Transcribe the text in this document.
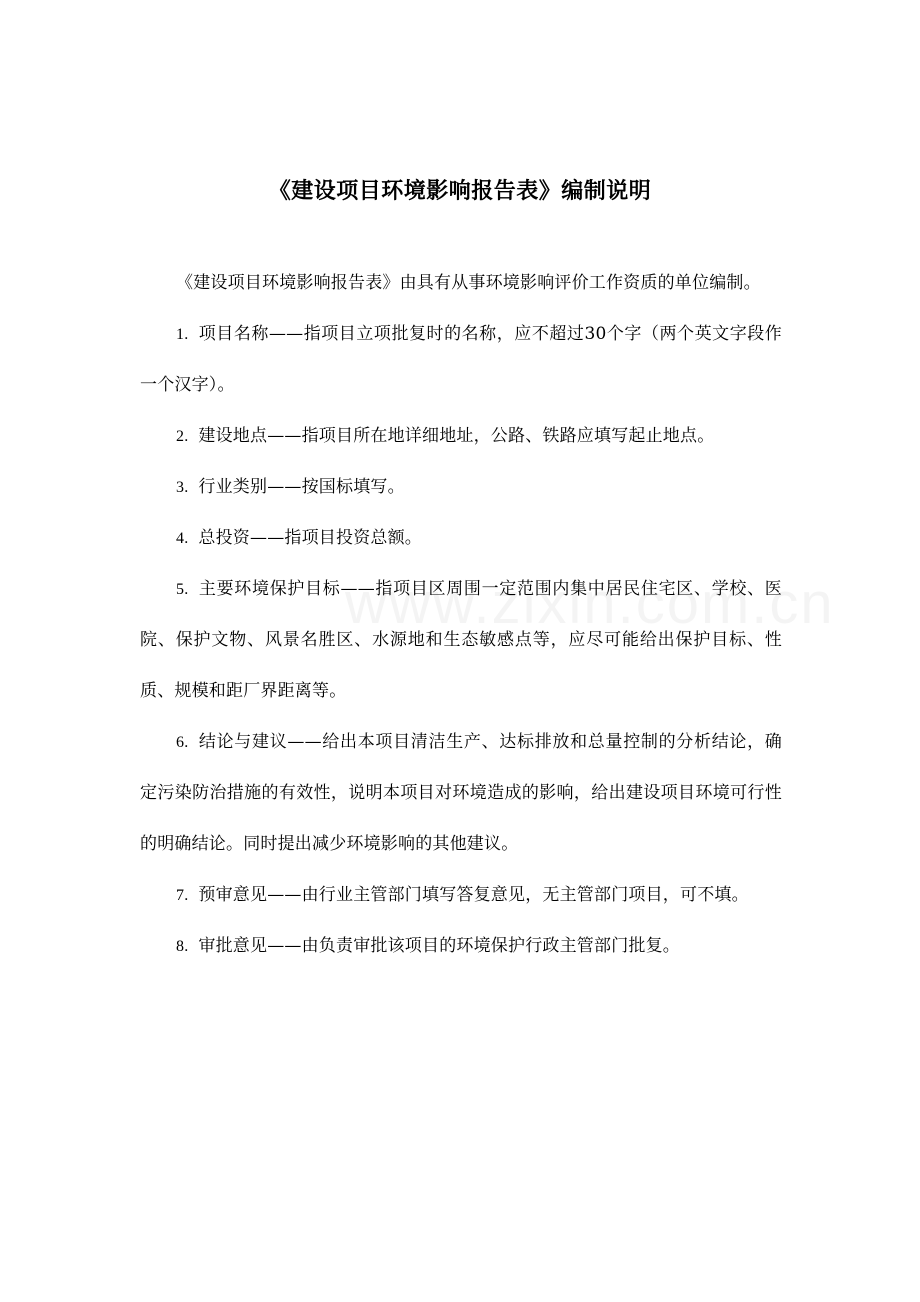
《建设项目环境影响报告表》编制说明

《建设项目环境影响报告表》由具有从事环境影响评价工作资质的单位编制。

1. 项目名称——指项目立项批复时的名称，应不超过30个字（两个英文字段作一个汉字）。

2. 建设地点——指项目所在地详细地址，公路、铁路应填写起止地点。

3. 行业类别——按国标填写。

4. 总投资——指项目投资总额。

5. 主要环境保护目标——指项目区周围一定范围内集中居民住宅区、学校、医院、保护文物、风景名胜区、水源地和生态敏感点等，应尽可能给出保护目标、性质、规模和距厂界距离等。

6. 结论与建议——给出本项目清洁生产、达标排放和总量控制的分析结论，确定污染防治措施的有效性，说明本项目对环境造成的影响，给出建设项目环境可行性的明确结论。同时提出减少环境影响的其他建议。

7. 预审意见——由行业主管部门填写答复意见，无主管部门项目，可不填。

8. 审批意见——由负责审批该项目的环境保护行政主管部门批复。
